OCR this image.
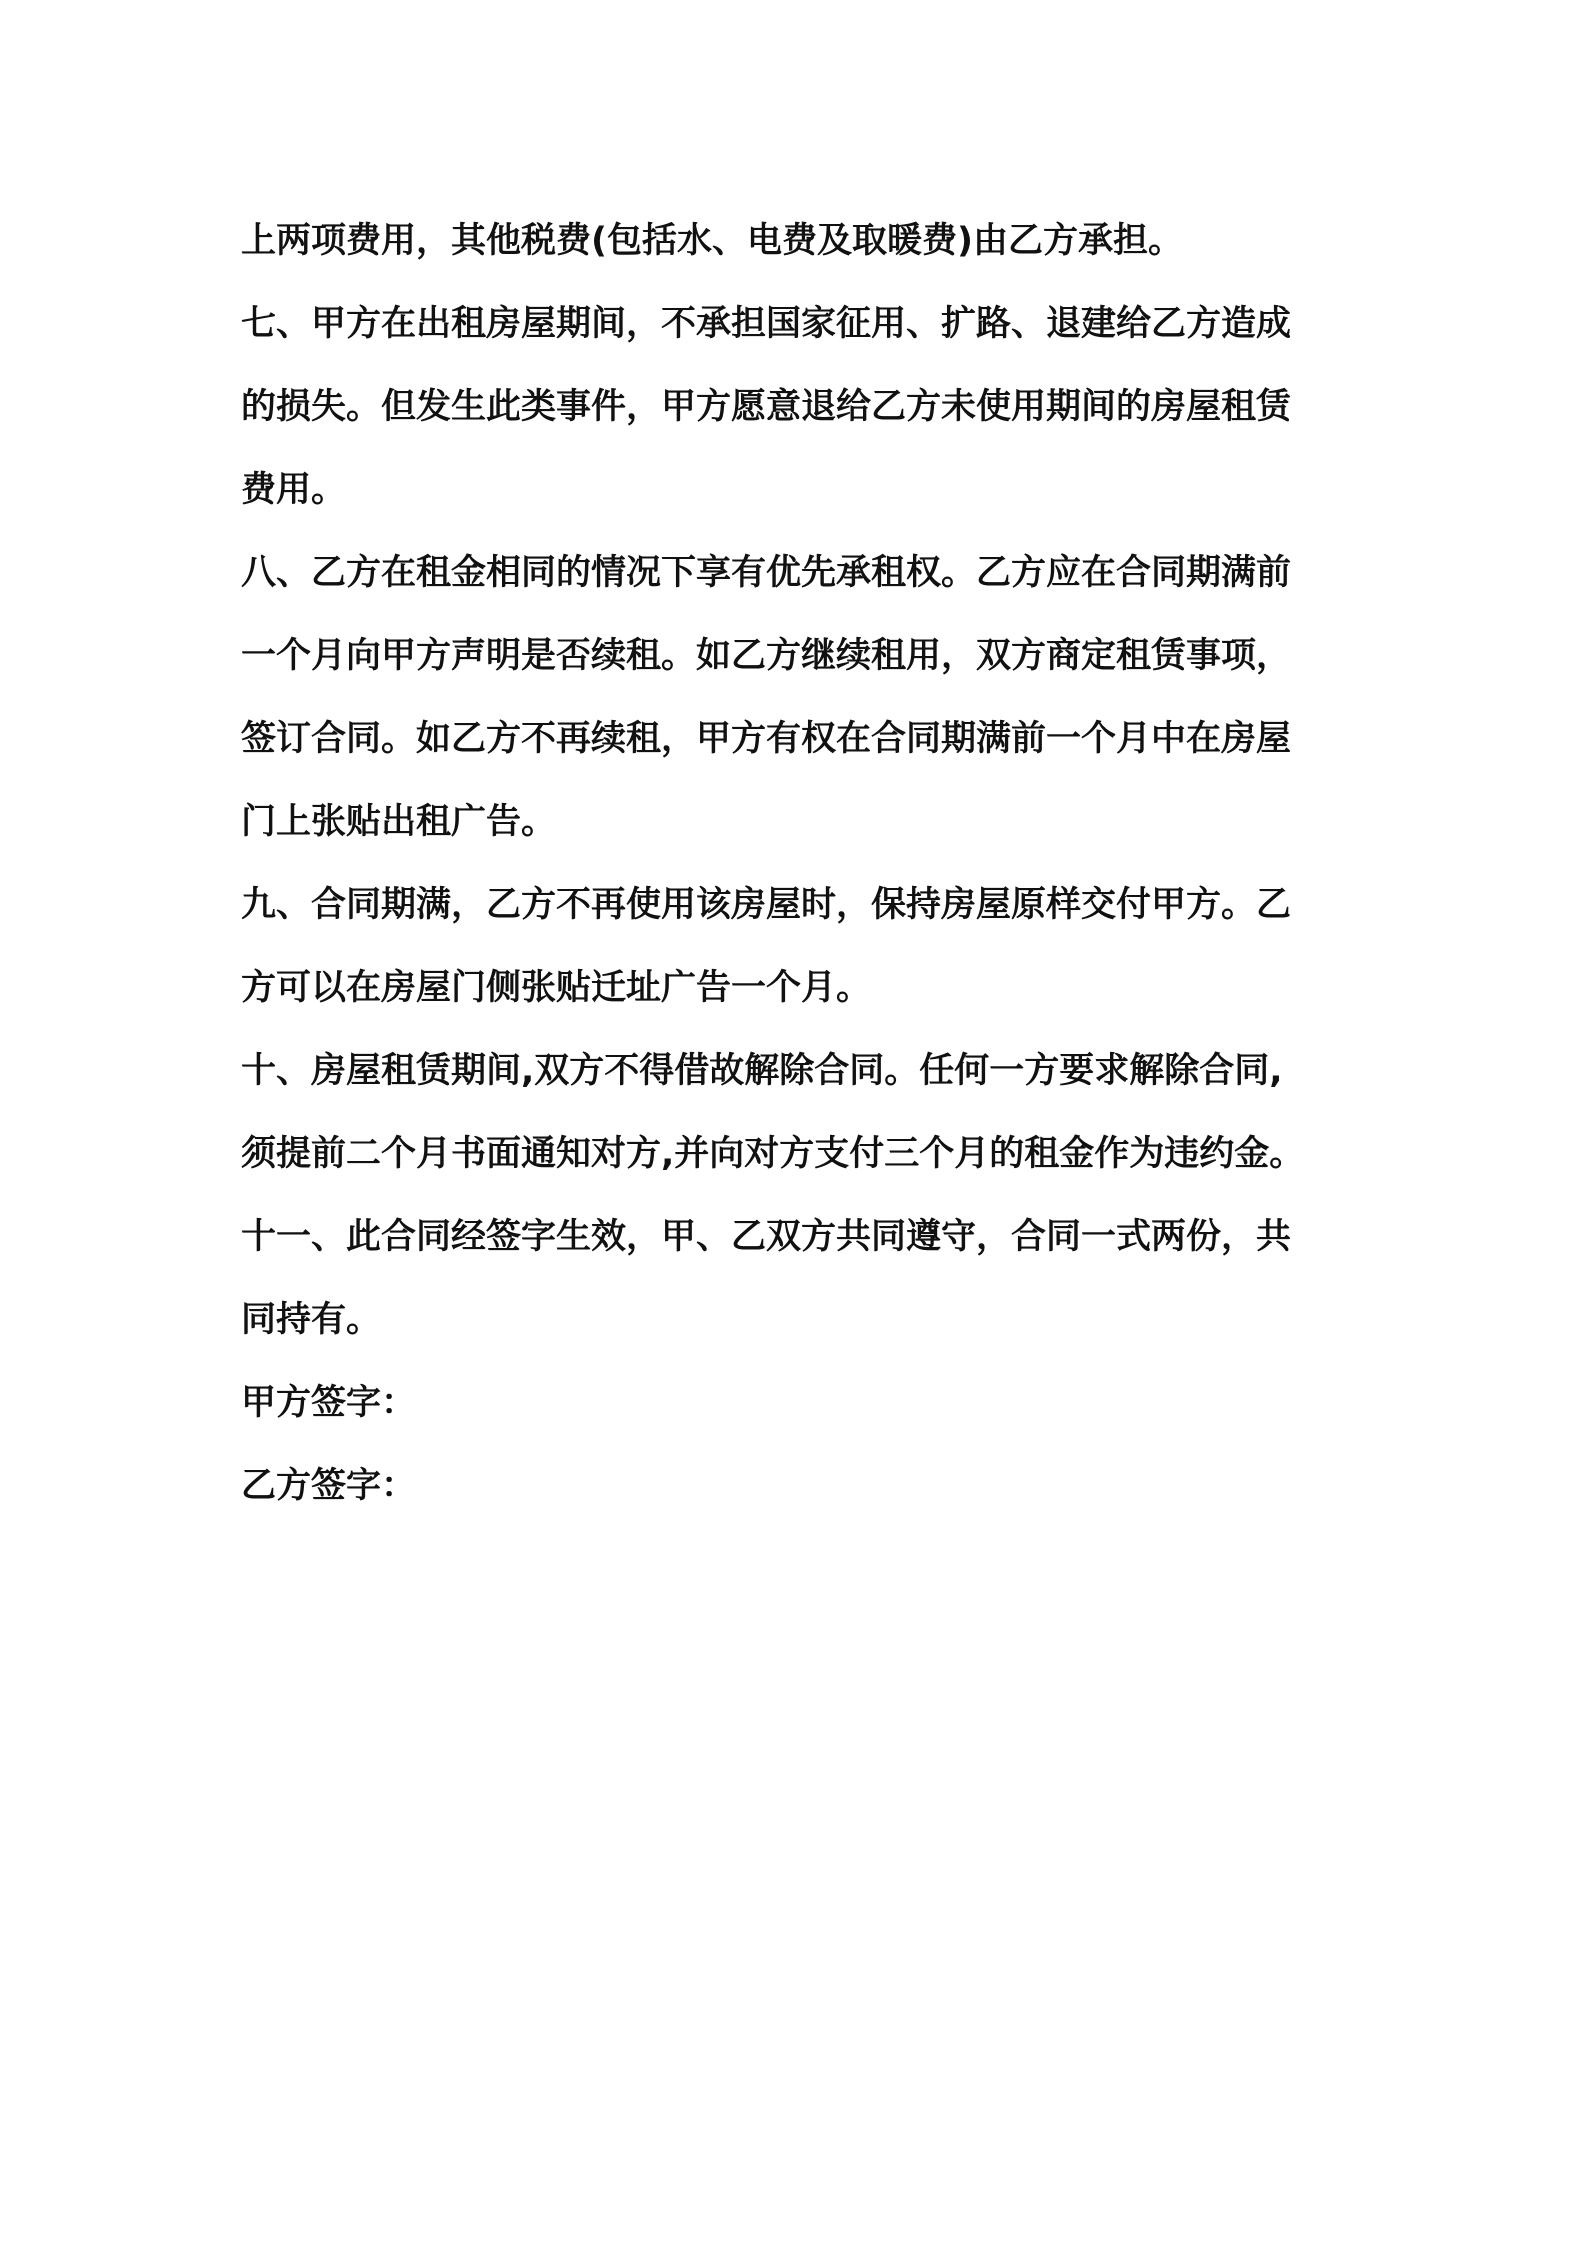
上两项费用，其他税费(包括水、电费及取暖费)由乙方承担。
七、甲方在出租房屋期间，不承担国家征用、扩路、退建给乙方造成
的损失。但发生此类事件，甲方愿意退给乙方未使用期间的房屋租赁
费用。
八、乙方在租金相同的情况下享有优先承租权。乙方应在合同期满前
一个月向甲方声明是否续租。如乙方继续租用，双方商定租赁事项，
签订合同。如乙方不再续租，甲方有权在合同期满前一个月中在房屋
门上张贴出租广告。
九、合同期满，乙方不再使用该房屋时，保持房屋原样交付甲方。乙
方可以在房屋门侧张贴迁址广告一个月。
十、房屋租赁期间,双方不得借故解除合同。任何一方要求解除合同,
须提前二个月书面通知对方,并向对方支付三个月的租金作为违约金。
十一、此合同经签字生效，甲、乙双方共同遵守，合同一式两份，共
同持有。
甲方签字：
乙方签字：
